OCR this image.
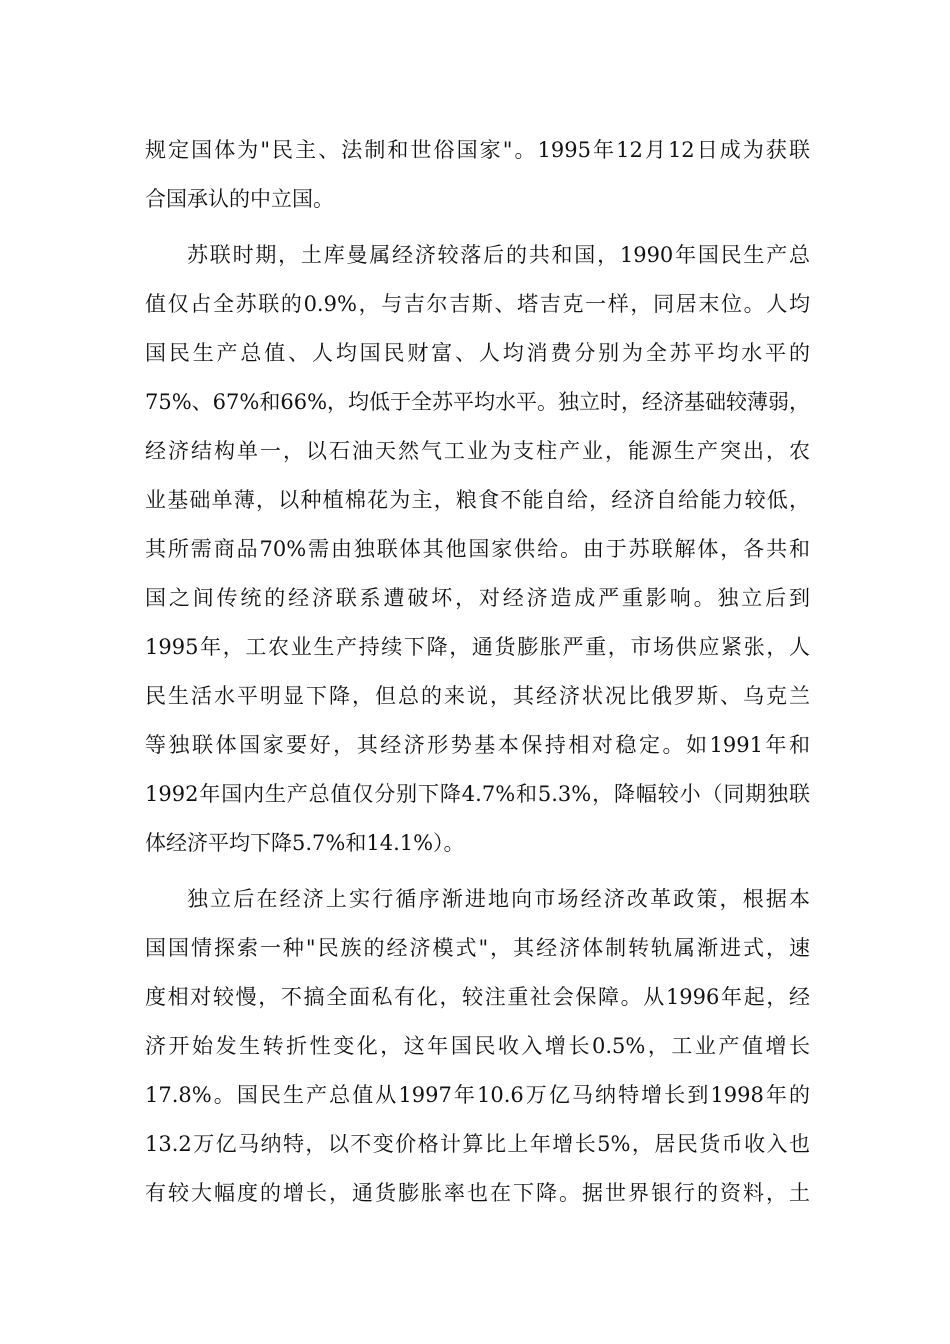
规定国体为"民主、法制和世俗国家"。1995年12月12日成为获联
合国承认的中立国。
苏联时期，土库曼属经济较落后的共和国，1990年国民生产总
值仅占全苏联的0.9%，与吉尔吉斯、塔吉克一样，同居末位。人均
国民生产总值、人均国民财富、人均消费分别为全苏平均水平的
75%、67%和66%，均低于全苏平均水平。独立时，经济基础较薄弱，
经济结构单一，以石油天然气工业为支柱产业，能源生产突出，农
业基础单薄，以种植棉花为主，粮食不能自给，经济自给能力较低，
其所需商品70%需由独联体其他国家供给。由于苏联解体，各共和
国之间传统的经济联系遭破坏，对经济造成严重影响。独立后到
1995年，工农业生产持续下降，通货膨胀严重，市场供应紧张，人
民生活水平明显下降，但总的来说，其经济状况比俄罗斯、乌克兰
等独联体国家要好，其经济形势基本保持相对稳定。如1991年和
1992年国内生产总值仅分别下降4.7%和5.3%，降幅较小（同期独联
体经济平均下降5.7%和14.1%）。
独立后在经济上实行循序渐进地向市场经济改革政策，根据本
国国情探索一种"民族的经济模式"，其经济体制转轨属渐进式，速
度相对较慢，不搞全面私有化，较注重社会保障。从1996年起，经
济开始发生转折性变化，这年国民收入增长0.5%，工业产值增长
17.8%。国民生产总值从1997年10.6万亿马纳特增长到1998年的
13.2万亿马纳特，以不变价格计算比上年增长5%，居民货币收入也
有较大幅度的增长，通货膨胀率也在下降。据世界银行的资料，土
